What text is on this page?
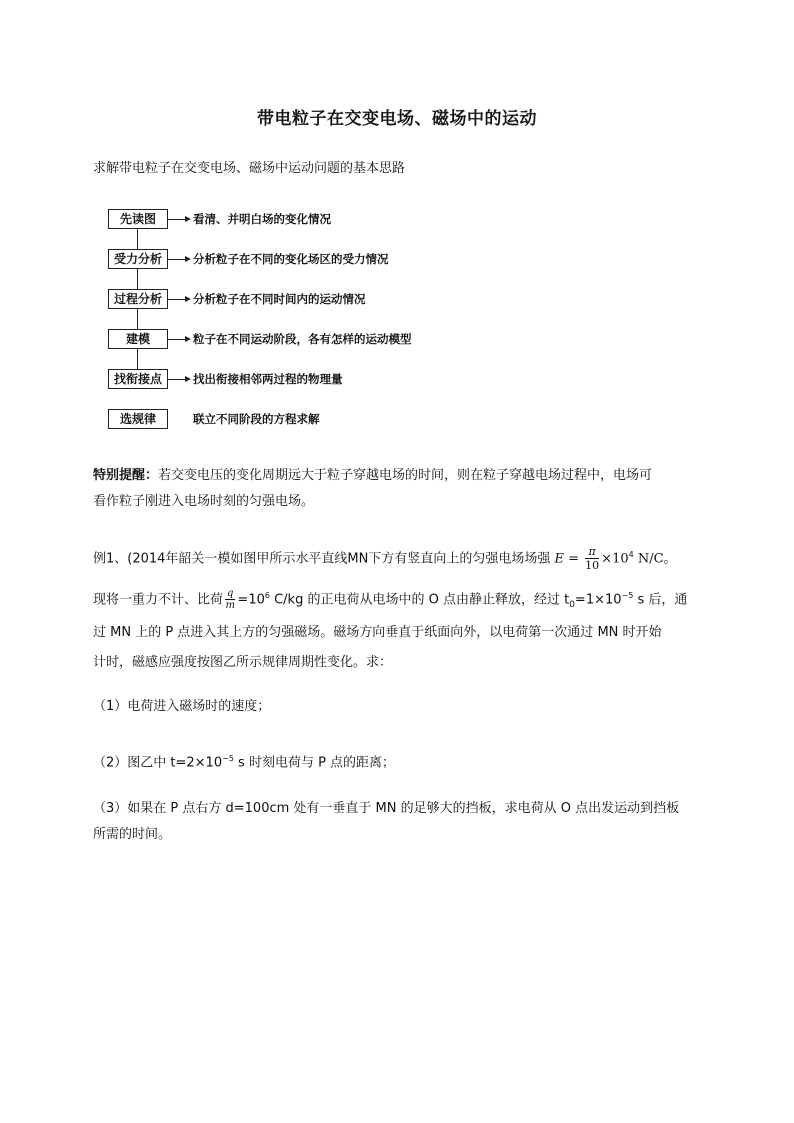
带电粒子在交变电场、磁场中的运动
求解带电粒子在交变电场、磁场中运动问题的基本思路
先读图	看清、并明白场的变化情况
受力分析	分析粒子在不同的变化场区的受力情况
过程分析	分析粒子在不同时间内的运动情况
建模	粒子在不同运动阶段，各有怎样的运动模型
找衔接点	找出衔接相邻两过程的物理量
选规律	联立不同阶段的方程求解
特别提醒：若交变电压的变化周期远大于粒子穿越电场的时间，则在粒子穿越电场过程中，电场可
看作粒子刚进入电场时刻的匀强电场。
例1、(2014年韶关一模如图甲所示水平直线MN下方有竖直向上的匀强电场场强 $E = \frac{\pi}{10} \times 10^4$ N/C。
现将一重力不计、比荷 $\frac{q}{m} =10^6$ C/kg 的正电荷从电场中的 O 点由静止释放，经过 $t_0=1\times 10^{-5}$ s 后，通
过 MN 上的 P 点进入其上方的匀强磁场。磁场方向垂直于纸面向外，以电荷第一次通过 MN 时开始
计时，磁感应强度按图乙所示规律周期性变化。求：
（1）电荷进入磁场时的速度；
（2）图乙中 $t=2\times 10^{-5}$ s 时刻电荷与 P 点的距离；
（3）如果在 P 点右方 d=100cm 处有一垂直于 MN 的足够大的挡板，求电荷从 O 点出发运动到挡板
所需的时间。
